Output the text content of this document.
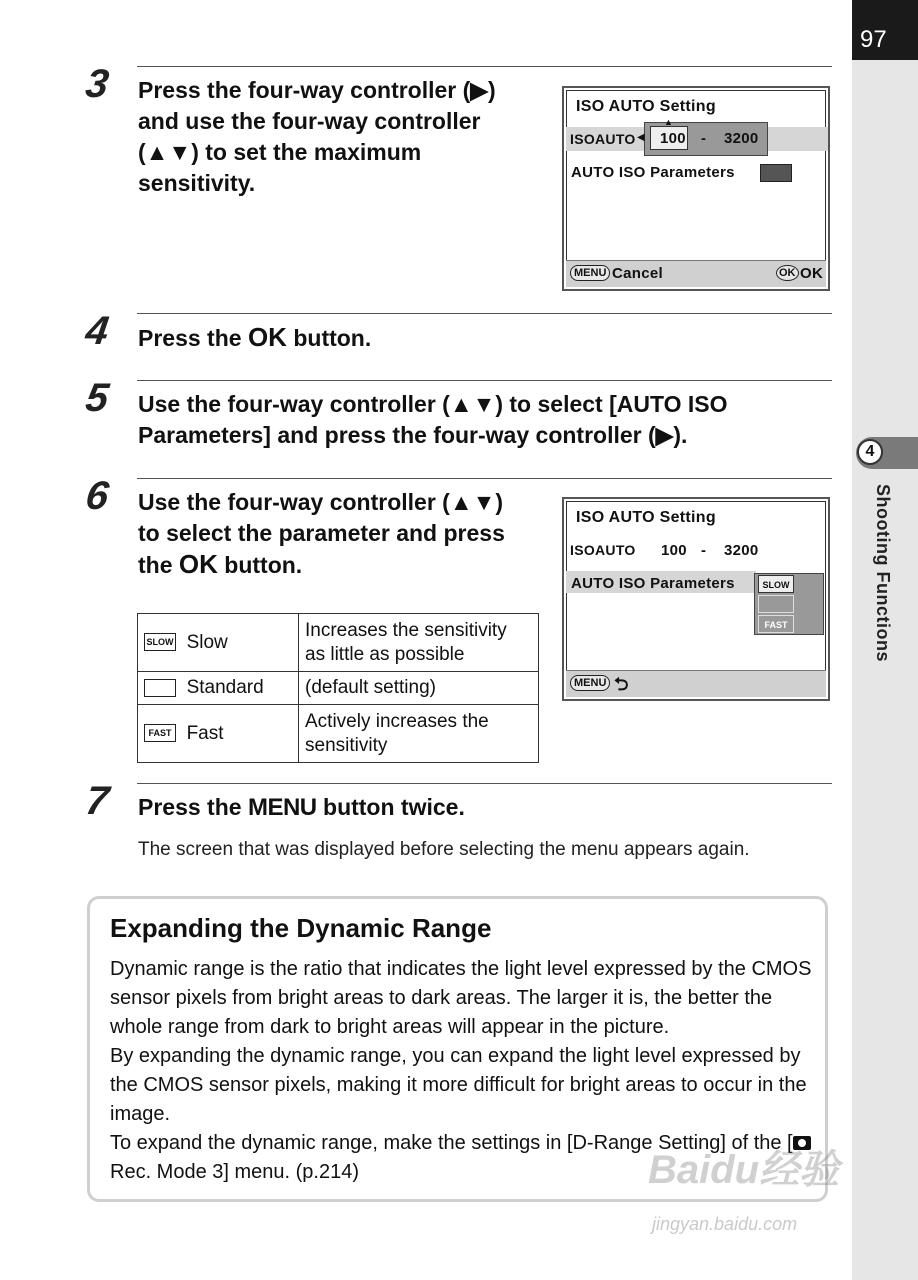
97
4
Shooting Functions
3 Press the four-way controller (▶) and use the four-way controller (▲▼) to set the maximum sensitivity.
ISO AUTO Setting
ISOAUTO
▲
◀ 100 - 3200
AUTO ISO Parameters
MENU Cancel	OK OK
4 Press the OK button.
5 Use the four-way controller (▲▼) to select [AUTO ISO Parameters] and press the four-way controller (▶).
6 Use the four-way controller (▲▼)
to select the parameter and press
the OK button.
ISO AUTO Setting
ISOAUTO 100 - 3200
AUTO ISO Parameters	SLOW
FAST
MENU ⮌
SLOW Slow	Increases the sensitivity as little as possible
Standard	(default setting)
FAST Fast	Actively increases the sensitivity
7 Press the MENU button twice.
The screen that was displayed before selecting the menu appears again.
Expanding the Dynamic Range
Dynamic range is the ratio that indicates the light level expressed by the CMOS sensor pixels from bright areas to dark areas. The larger it is, the better the whole range from dark to bright areas will appear in the picture.
By expanding the dynamic range, you can expand the light level expressed by the CMOS sensor pixels, making it more difficult for bright areas to occur in the image.
To expand the dynamic range, make the settings in [D-Range Setting] of the [ Rec. Mode 3] menu. (p.214)	Baidu经验
jingyan.baidu.com
